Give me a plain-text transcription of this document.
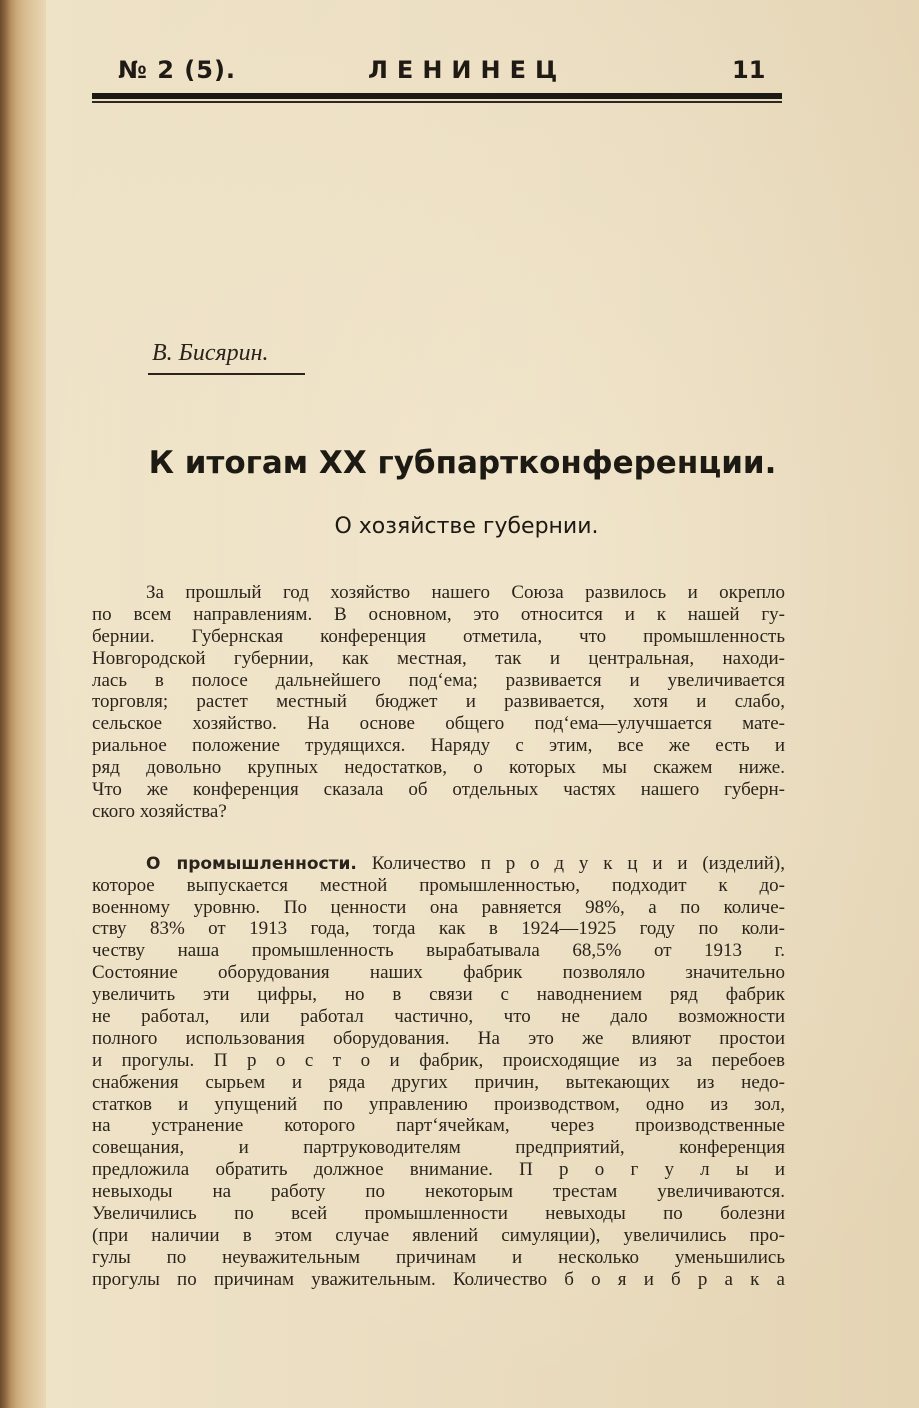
№ 2 (5).	ЛЕНИНЕЦ	11
В. Бисярин.
К итогам XX губпартконференции.
О хозяйстве губернии.
За прошлый год хозяйство нашего Союза развилось и окрепло
по всем направлениям. В основном, это относится и к нашей гу-
бернии. Губернская конференция отметила, что промышленность
Новгородской губернии, как местная, так и центральная, находи-
лась в полосе дальнейшего под‘ема; развивается и увеличивается
торговля; растет местный бюджет и развивается, хотя и слабо,
сельское хозяйство. На основе общего под‘ема—улучшается мате-
риальное положение трудящихся. Наряду с этим, все же есть и
ряд довольно крупных недостатков, о которых мы скажем ниже.
Что же конференция сказала об отдельных частях нашего губерн-
ского хозяйства?
О промышленности. Количество п р о д у к ц и и (изделий),
которое выпускается местной промышленностью, подходит к до-
военному уровню. По ценности она равняется 98%, а по количе-
ству 83% от 1913 года, тогда как в 1924—1925 году по коли-
честву наша промышленность вырабатывала 68,5% от 1913 г.
Состояние оборудования наших фабрик позволяло значительно
увеличить эти цифры, но в связи с наводнением ряд фабрик
не работал, или работал частично, что не дало возможности
полного использования оборудования. На это же влияют простои
и прогулы. П р о с т о и фабрик, происходящие из за перебоев
снабжения сырьем и ряда других причин, вытекающих из недо-
статков и упущений по управлению производством, одно из зол,
на устранение которого парт‘ячейкам, через производственные
совещания, и партруководителям предприятий, конференция
предложила обратить должное внимание. П р о г у л ы и
невыходы на работу по некоторым трестам увеличиваются.
Увеличились по всей промышленности невыходы по болезни
(при наличии в этом случае явлений симуляции), увеличились про-
гулы по неуважительным причинам и несколько уменьшились
прогулы по причинам уважительным. Количество б о я и б р а к а
